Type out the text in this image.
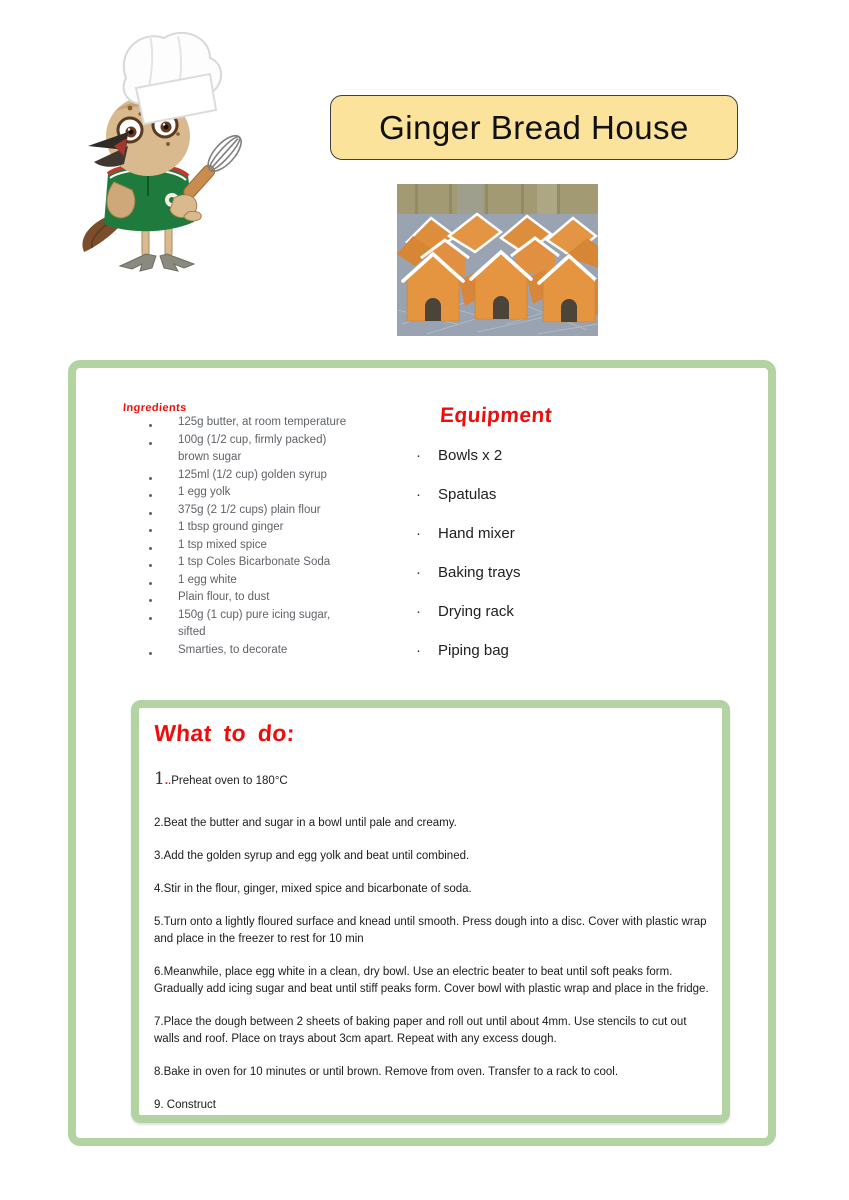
Ginger Bread House
Ingredients
125g butter, at room temperature
100g (1/2 cup, firmly packed) brown sugar
125ml (1/2 cup) golden syrup
1 egg yolk
375g (2 1/2 cups) plain flour
1 tbsp ground ginger
1 tsp mixed spice
1 tsp Coles Bicarbonate Soda
1 egg white
Plain flour, to dust
150g (1 cup) pure icing sugar, sifted
Smarties, to decorate
Equipment
· Bowls x 2
· Spatulas
· Hand mixer
· Baking trays
· Drying rack
· Piping bag
What to do:

1..Preheat oven to 180°C

2.Beat the butter and sugar in a bowl until pale and creamy.

3.Add the golden syrup and egg yolk and beat until combined.

4.Stir in the flour, ginger, mixed spice and bicarbonate of soda.

5.Turn onto a lightly floured surface and knead until smooth. Press dough into a disc. Cover with plastic wrap and place in the freezer to rest for 10 min

6.Meanwhile, place egg white in a clean, dry bowl. Use an electric beater to beat until soft peaks form. Gradually add icing sugar and beat until stiff peaks form. Cover bowl with plastic wrap and place in the fridge.

7.Place the dough between 2 sheets of baking paper and roll out until about 4mm. Use stencils to cut out walls and roof. Place on trays about 3cm apart. Repeat with any excess dough.

8.Bake in oven for 10 minutes or until brown. Remove from oven. Transfer to a rack to cool.

9. Construct
